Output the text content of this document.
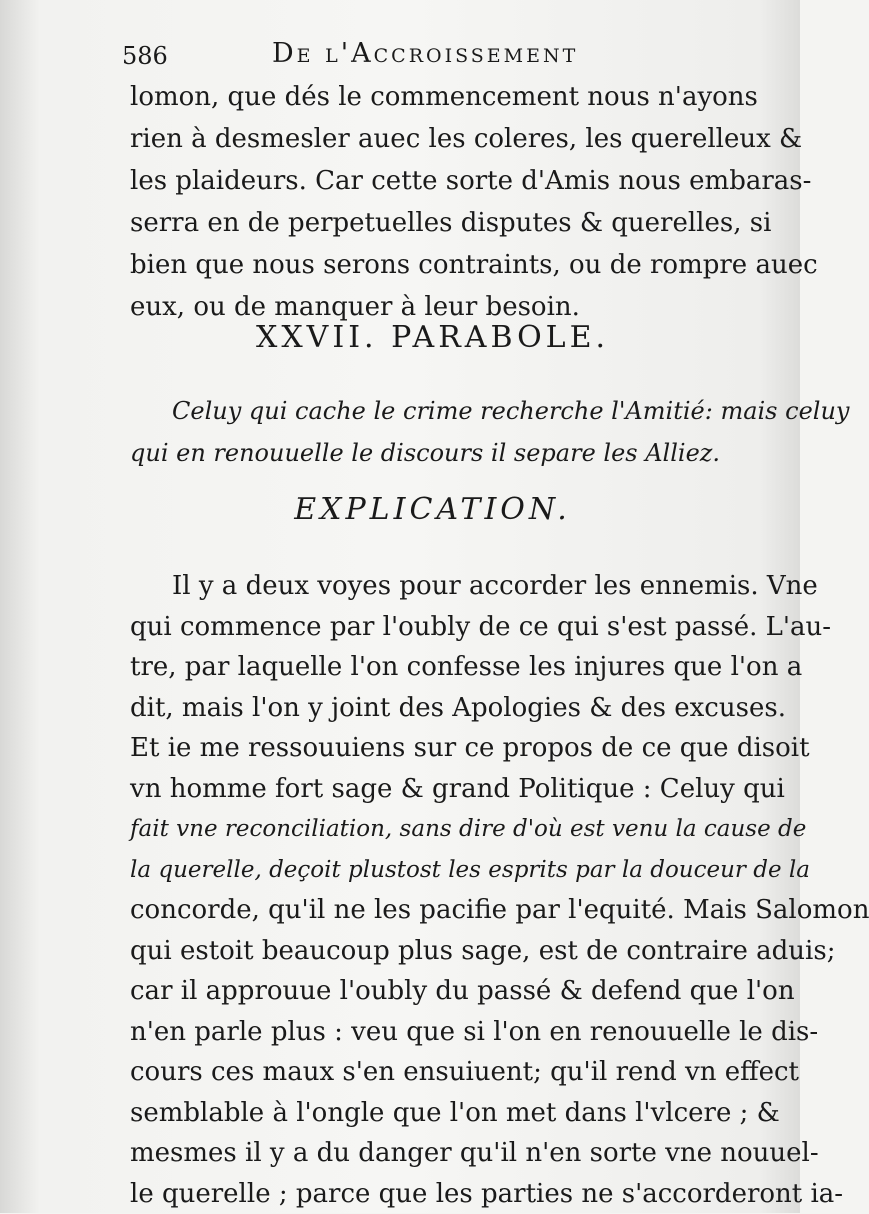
586	De l'Accroissement
lomon, que dés le commencement nous n'ayons
rien à desmesler auec les coleres, les querelleux &
les plaideurs. Car cette sorte d'Amis nous embaras-
serra en de perpetuelles disputes & querelles, si
bien que nous serons contraints, ou de rompre auec
eux, ou de manquer à leur besoin.
XXVII. PARABOLE.
Celuy qui cache le crime recherche l'Amitié: mais celuy
qui en renouuelle le discours il separe les Alliez.
EXPLICATION.
Il y a deux voyes pour accorder les ennemis. Vne
qui commence par l'oubly de ce qui s'est passé. L'au-
tre, par laquelle l'on confesse les injures que l'on a
dit, mais l'on y joint des Apologies & des excuses.
Et ie me ressouuiens sur ce propos de ce que disoit
vn homme fort sage & grand Politique : Celuy qui
fait vne reconciliation, sans dire d'où est venu la cause de
la querelle, deçoit plustost les esprits par la douceur de la
concorde, qu'il ne les pacifie par l'equité. Mais Salomon
qui estoit beaucoup plus sage, est de contraire aduis;
car il approuue l'oubly du passé & defend que l'on
n'en parle plus : veu que si l'on en renouuelle le dis-
cours ces maux s'en ensuiuent; qu'il rend vn effect
semblable à l'ongle que l'on met dans l'vlcere ; &
mesmes il y a du danger qu'il n'en sorte vne nouuel-
le querelle ; parce que les parties ne s'accorderont ia-
